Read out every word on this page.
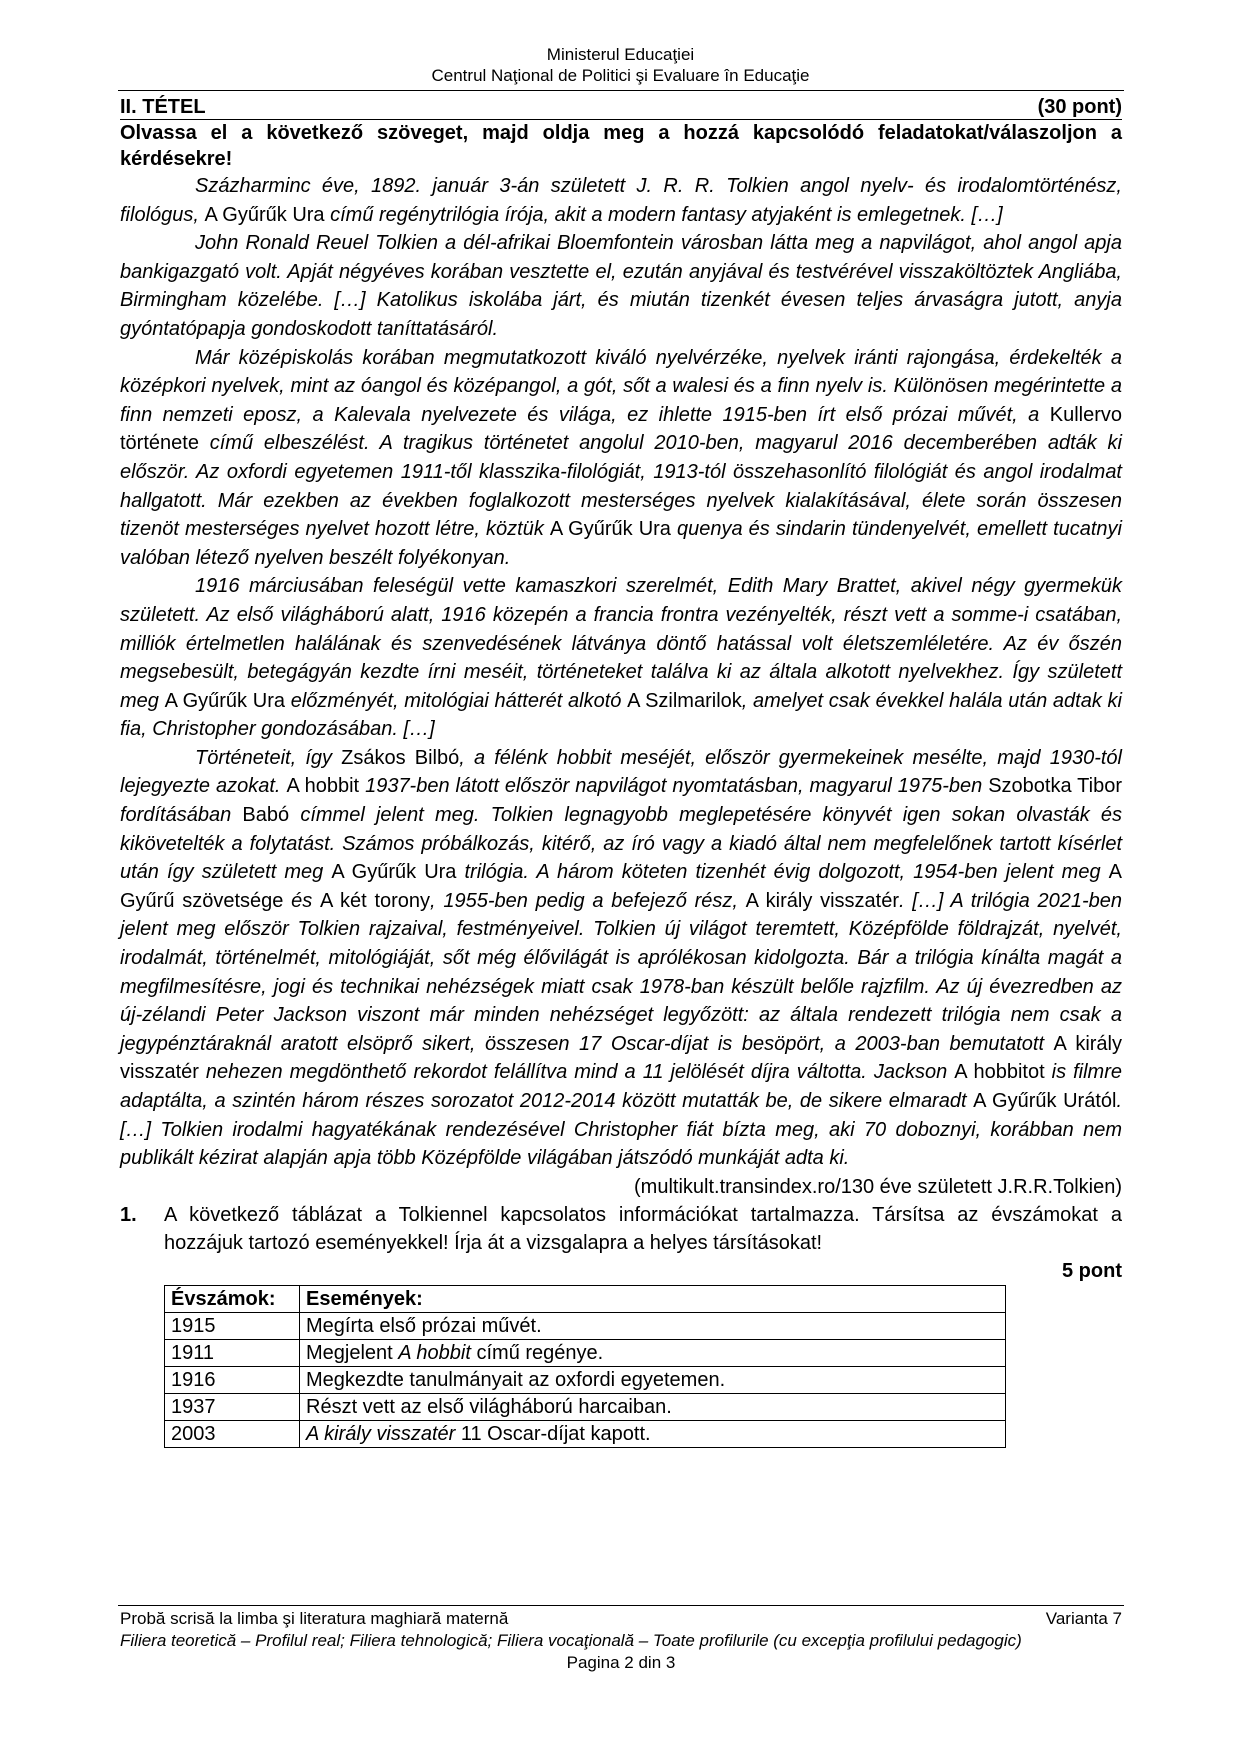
Ministerul Educaţiei
Centrul Naţional de Politici şi Evaluare în Educaţie
II. TÉTEL	(30 pont)
Olvassa el a következő szöveget, majd oldja meg a hozzá kapcsolódó feladatokat/válaszoljon a kérdésekre!

Százharminc éve, 1892. január 3-án született J. R. R. Tolkien angol nyelv- és irodalomtörténész, filológus, A Gyűrűk Ura című regénytrilógia írója, akit a modern fantasy atyjaként is emlegetnek. […]

John Ronald Reuel Tolkien a dél-afrikai Bloemfontein városban látta meg a napvilágot, ahol angol apja bankigazgató volt. Apját négyéves korában vesztette el, ezután anyjával és testvérével visszaköltöztek Angliába, Birmingham közelébe. […] Katolikus iskolába járt, és miután tizenkét évesen teljes árvaságra jutott, anyja gyóntatópapja gondoskodott taníttatásáról.

Már középiskolás korában megmutatkozott kiváló nyelvérzéke, nyelvek iránti rajongása, érdekelték a középkori nyelvek, mint az óangol és középangol, a gót, sőt a walesi és a finn nyelv is. Különösen megérintette a finn nemzeti eposz, a Kalevala nyelvezete és világa, ez ihlette 1915-ben írt első prózai művét, a Kullervo története című elbeszélést. A tragikus történetet angolul 2010-ben, magyarul 2016 decemberében adták ki először. Az oxfordi egyetemen 1911-től klasszika-filológiát, 1913-tól összehasonlító filológiát és angol irodalmat hallgatott. Már ezekben az években foglalkozott mesterséges nyelvek kialakításával, élete során összesen tizenöt mesterséges nyelvet hozott létre, köztük A Gyűrűk Ura quenya és sindarin tündenyelvét, emellett tucatnyi valóban létező nyelven beszélt folyékonyan.

1916 márciusában feleségül vette kamaszkori szerelmét, Edith Mary Brattet, akivel négy gyermekük született. Az első világháború alatt, 1916 közepén a francia frontra vezényelték, részt vett a somme-i csatában, milliók értelmetlen halálának és szenvedésének látványa döntő hatással volt életszemléletére. Az év őszén megsebesült, betegágyán kezdte írni meséit, történeteket találva ki az általa alkotott nyelvekhez. Így született meg A Gyűrűk Ura előzményét, mitológiai hátterét alkotó A Szilmarilok, amelyet csak évekkel halála után adtak ki fia, Christopher gondozásában. […]

Történeteit, így Zsákos Bilbó, a félénk hobbit meséjét, először gyermekeinek mesélte, majd 1930-tól lejegyezte azokat. A hobbit 1937-ben látott először napvilágot nyomtatásban, magyarul 1975-ben Szobotka Tibor fordításában Babó címmel jelent meg. Tolkien legnagyobb meglepetésére könyvét igen sokan olvasták és kikövetelték a folytatást. Számos próbálkozás, kitérő, az író vagy a kiadó által nem megfelelőnek tartott kísérlet után így született meg A Gyűrűk Ura trilógia. A három köteten tizenhét évig dolgozott, 1954-ben jelent meg A Gyűrű szövetsége és A két torony, 1955-ben pedig a befejező rész, A király visszatér. […] A trilógia 2021-ben jelent meg először Tolkien rajzaival, festményeivel. Tolkien új világot teremtett, Középfölde földrajzát, nyelvét, irodalmát, történelmét, mitológiáját, sőt még élővilágát is aprólékosan kidolgozta. Bár a trilógia kínálta magát a megfilmesítésre, jogi és technikai nehézségek miatt csak 1978-ban készült belőle rajzfilm. Az új évezredben az új-zélandi Peter Jackson viszont már minden nehézséget legyőzött: az általa rendezett trilógia nem csak a jegypénztáraknál aratott elsöprő sikert, összesen 17 Oscar-díjat is besöpört, a 2003-ban bemutatott A király visszatér nehezen megdönthető rekordot felállítva mind a 11 jelölését díjra váltotta. Jackson A hobbitot is filmre adaptálta, a szintén három részes sorozatot 2012-2014 között mutatták be, de sikere elmaradt A Gyűrűk Urától. […] Tolkien irodalmi hagyatékának rendezésével Christopher fiát bízta meg, aki 70 doboznyi, korábban nem publikált kézirat alapján apja több Középfölde világában játszódó munkáját adta ki.

(multikult.transindex.ro/130 éve született J.R.R.Tolkien)
1.	A következő táblázat a Tolkiennel kapcsolatos információkat tartalmazza. Társítsa az évszámokat a hozzájuk tartozó eseményekkel! Írja át a vizsgalapra a helyes társításokat!
5 pont
Évszámok:	Események:
1915	Megírta első prózai művét.
1911	Megjelent A hobbit című regénye.
1916	Megkezdte tanulmányait az oxfordi egyetemen.
1937	Részt vett az első világháború harcaiban.
2003	A király visszatér 11 Oscar-díjat kapott.
Probă scrisă la limba şi literatura maghiară maternă	Varianta 7
Filiera teoretică – Profilul real; Filiera tehnologică; Filiera vocaţională – Toate profilurile (cu excepţia profilului pedagogic)
Pagina 2 din 3
